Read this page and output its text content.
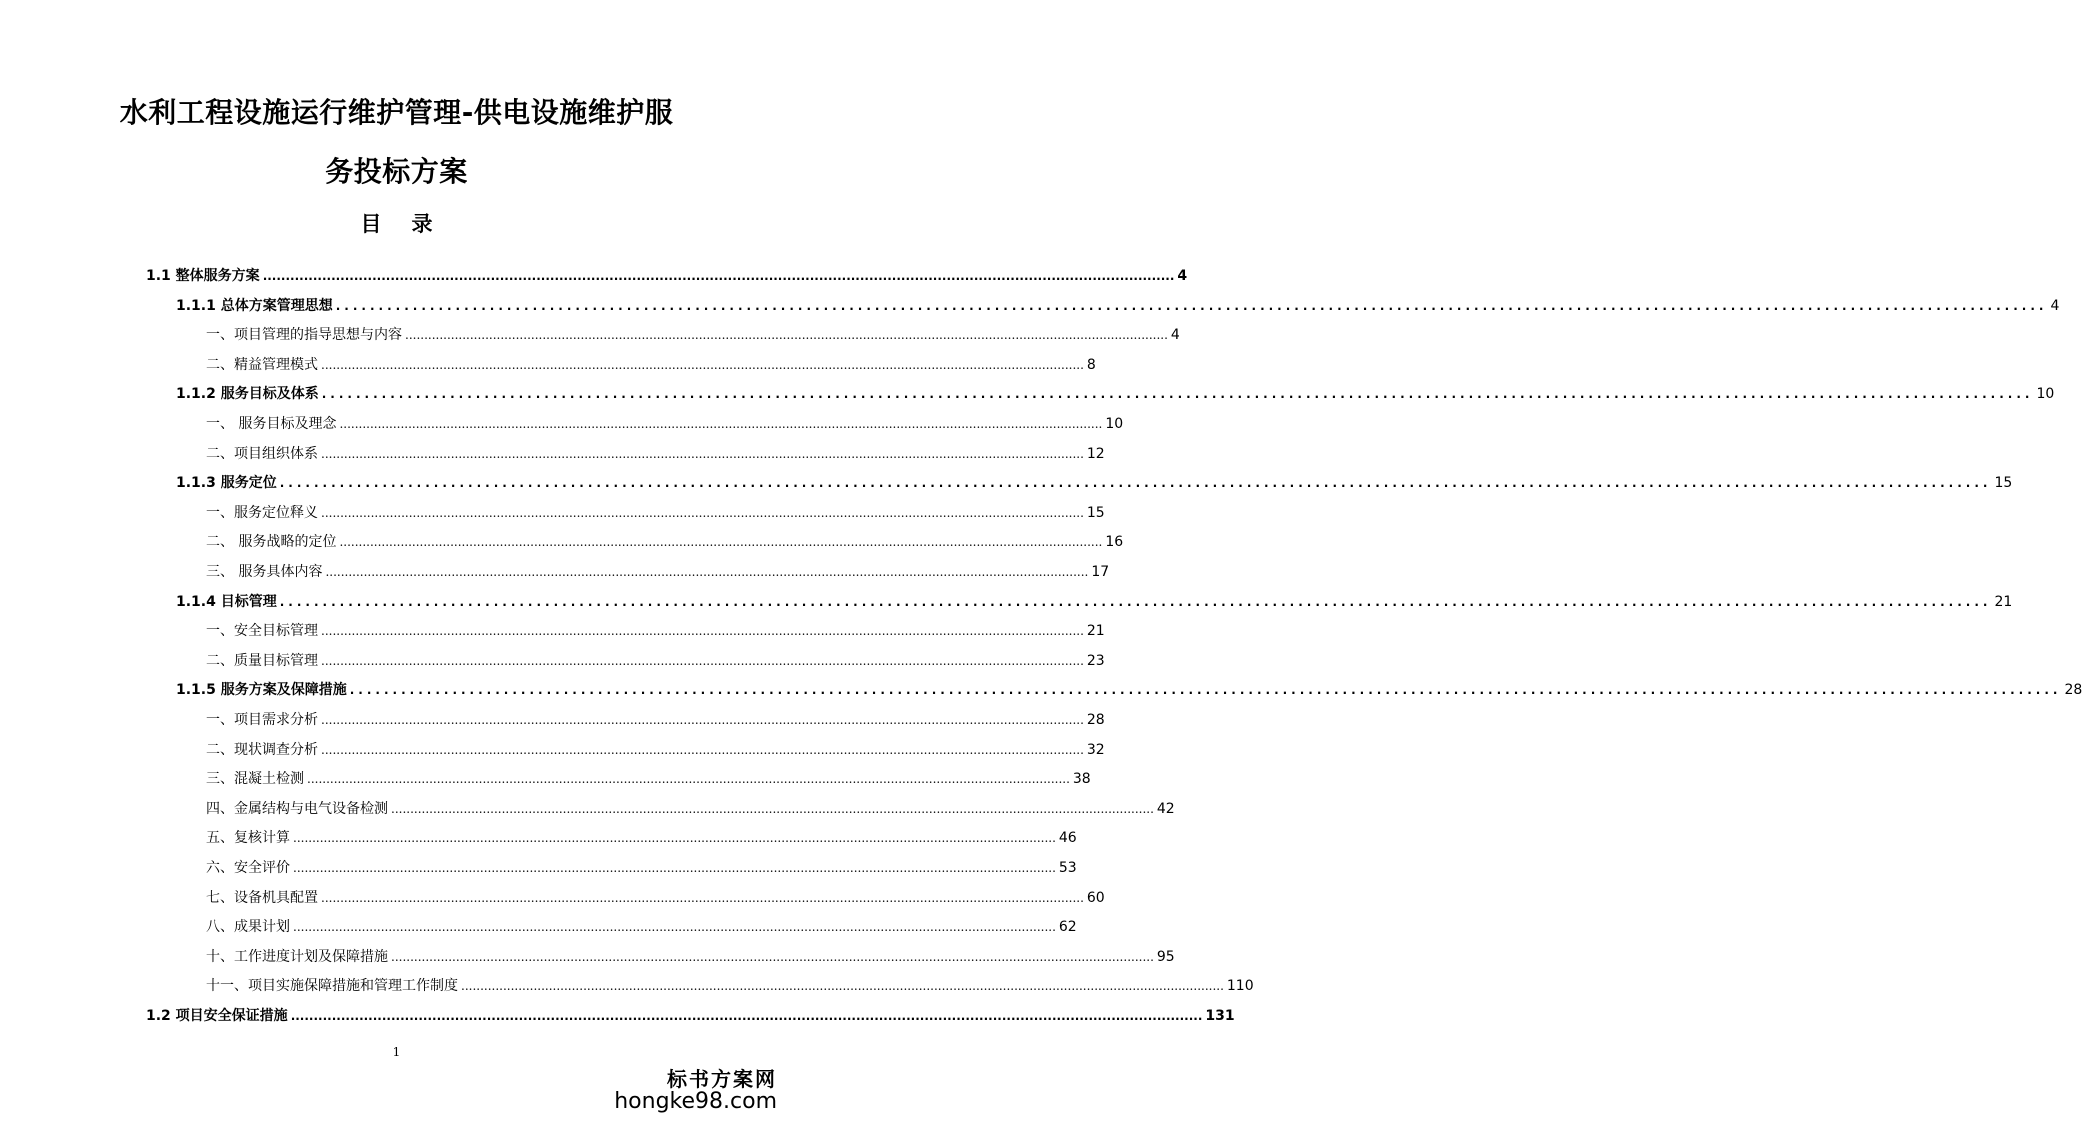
水利工程设施运行维护管理-供电设施维护服
务投标方案
目 录
1.1 整体服务方案 ........................................................................................................................................................................................................ 4
1.1.1 总体方案管理思想 ........................................................................................................................................................................................................ 4
一、项目管理的指导思想与内容 ........................................................................................................................................................................................................ 4
二、精益管理模式 ........................................................................................................................................................................................................ 8
1.1.2 服务目标及体系 ........................................................................................................................................................................................................ 10
一、 服务目标及理念 ........................................................................................................................................................................................................ 10
二、项目组织体系 ........................................................................................................................................................................................................ 12
1.1.3 服务定位 ........................................................................................................................................................................................................ 15
一、服务定位释义 ........................................................................................................................................................................................................ 15
二、 服务战略的定位 ........................................................................................................................................................................................................ 16
三、 服务具体内容 ........................................................................................................................................................................................................ 17
1.1.4 目标管理 ........................................................................................................................................................................................................ 21
一、安全目标管理 ........................................................................................................................................................................................................ 21
二、质量目标管理 ........................................................................................................................................................................................................ 23
1.1.5 服务方案及保障措施 ........................................................................................................................................................................................................ 28
一、项目需求分析 ........................................................................................................................................................................................................ 28
二、现状调查分析 ........................................................................................................................................................................................................ 32
三、混凝土检测 ........................................................................................................................................................................................................ 38
四、金属结构与电气设备检测 ........................................................................................................................................................................................................ 42
五、复核计算 ........................................................................................................................................................................................................ 46
六、安全评价 ........................................................................................................................................................................................................ 53
七、设备机具配置 ........................................................................................................................................................................................................ 60
八、成果计划 ........................................................................................................................................................................................................ 62
十、工作进度计划及保障措施 ........................................................................................................................................................................................................ 95
十一、项目实施保障措施和管理工作制度 ........................................................................................................................................................................................................ 110
1.2 项目安全保证措施 ........................................................................................................................................................................................................ 131
1
标书方案网
hongke98.com
